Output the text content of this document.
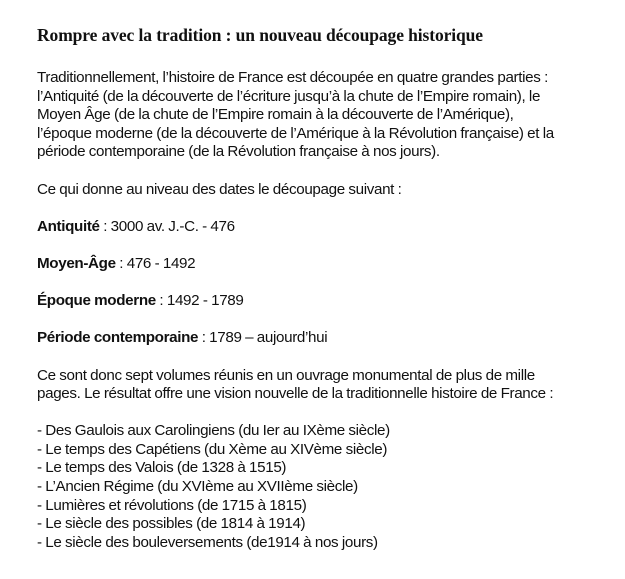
Rompre avec la tradition : un nouveau découpage historique

Traditionnellement, l’histoire de France est découpée en quatre grandes parties :
l’Antiquité (de la découverte de l’écriture jusqu’à la chute de l’Empire romain), le
Moyen Âge (de la chute de l’Empire romain à la découverte de l’Amérique),
l’époque moderne (de la découverte de l’Amérique à la Révolution française) et la
période contemporaine (de la Révolution française à nos jours).

Ce qui donne au niveau des dates le découpage suivant :

Antiquité : 3000 av. J.-C. - 476

Moyen-Âge : 476 - 1492

Époque moderne : 1492 - 1789

Période contemporaine : 1789 – aujourd’hui

Ce sont donc sept volumes réunis en un ouvrage monumental de plus de mille
pages. Le résultat offre une vision nouvelle de la traditionnelle histoire de France :

- Des Gaulois aux Carolingiens (du Ier au IXème siècle)
- Le temps des Capétiens (du Xème au XIVème siècle)
- Le temps des Valois (de 1328 à 1515)
- L’Ancien Régime (du XVIème au XVIIème siècle)
- Lumières et révolutions (de 1715 à 1815)
- Le siècle des possibles (de 1814 à 1914)
- Le siècle des bouleversements (de1914 à nos jours)
